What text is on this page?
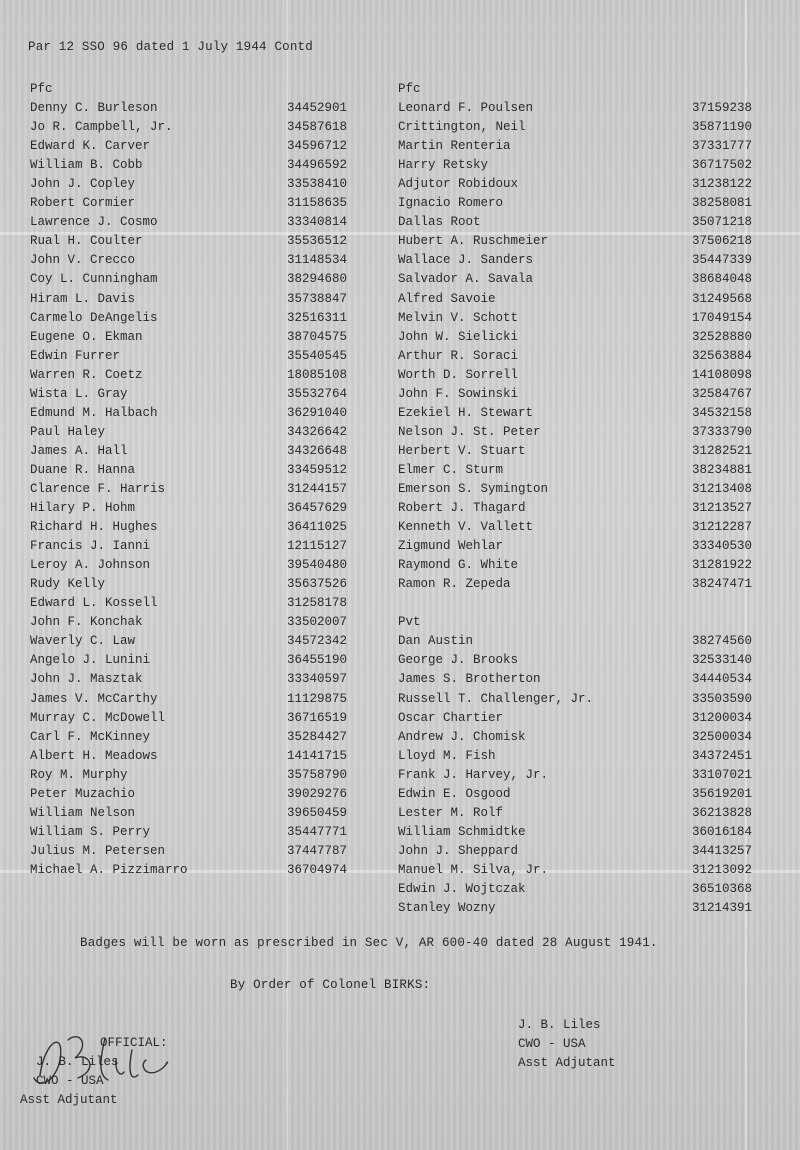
Par 12 SSO 96 dated 1 July 1944 Contd
Pfc
Denny C. Burleson
Jo R. Campbell, Jr.
Edward K. Carver
William B. Cobb
John J. Copley
Robert Cormier
Lawrence J. Cosmo
Rual H. Coulter
John V. Crecco
Coy L. Cunningham
Hiram L. Davis
Carmelo DeAngelis
Eugene O. Ekman
Edwin Furrer
Warren R. Coetz
Wista L. Gray
Edmund M. Halbach
Paul Haley
James A. Hall
Duane R. Hanna
Clarence F. Harris
Hilary P. Hohm
Richard H. Hughes
Francis J. Ianni
Leroy A. Johnson
Rudy Kelly
Edward L. Kossell
John F. Konchak
Waverly C. Law
Angelo J. Lunini
John J. Masztak
James V. McCarthy
Murray C. McDowell
Carl F. McKinney
Albert H. Meadows
Roy M. Murphy
Peter Muzachio
William Nelson
William S. Perry
Julius M. Petersen
Michael A. Pizzimarro
34452901
34587618
34596712
34496592
33538410
31158635
33340814
35536512
31148534
38294680
35738847
32516311
38704575
35540545
18085108
35532764
36291040
34326642
34326648
33459512
31244157
36457629
36411025
12115127
39540480
35637526
31258178
33502007
34572342
36455190
33340597
11129875
36716519
35284427
14141715
35758790
39029276
39650459
35447771
37447787
36704974
Pfc
Leonard F. Poulsen
Crittington, Neil
Martin Renteria
Harry Retsky
Adjutor Robidoux
Ignacio Romero
Dallas Root
Hubert A. Ruschmeier
Wallace J. Sanders
Salvador A. Savala
Alfred Savoie
Melvin V. Schott
John W. Sielicki
Arthur R. Soraci
Worth D. Sorrell
John F. Sowinski
Ezekiel H. Stewart
Nelson J. St. Peter
Herbert V. Stuart
Elmer C. Sturm
Emerson S. Symington
Robert J. Thagard
Kenneth V. Vallett
Zigmund Wehlar
Raymond G. White
Ramon R. Zepeda
Pvt
Dan Austin
George J. Brooks
James S. Brotherton
Russell T. Challenger, Jr.
Oscar Chartier
Andrew J. Chomisk
Lloyd M. Fish
Frank J. Harvey, Jr.
Edwin E. Osgood
Lester M. Rolf
William Schmidtke
John J. Sheppard
Manuel M. Silva, Jr.
Edwin J. Wojtczak
Stanley Wozny
37159238
35871190
37331777
36717502
31238122
38258081
35071218
37506218
35447339
38684048
31249568
17049154
32528880
32563884
14108098
32584767
34532158
37333790
31282521
38234881
31213408
31213527
31212287
33340530
31281922
38247471
38274560
32533140
34440534
33503590
31200034
32500034
34372451
33107021
35619201
36213828
36016184
34413257
31213092
36510368
31214391
Badges will be worn as prescribed in Sec V, AR 600-40 dated 28 August 1941.
By Order of Colonel BIRKS:
J. B. Liles
CWO - USA
Asst Adjutant
OFFICIAL:
J. B. Liles
CWO - USA
Asst Adjutant
